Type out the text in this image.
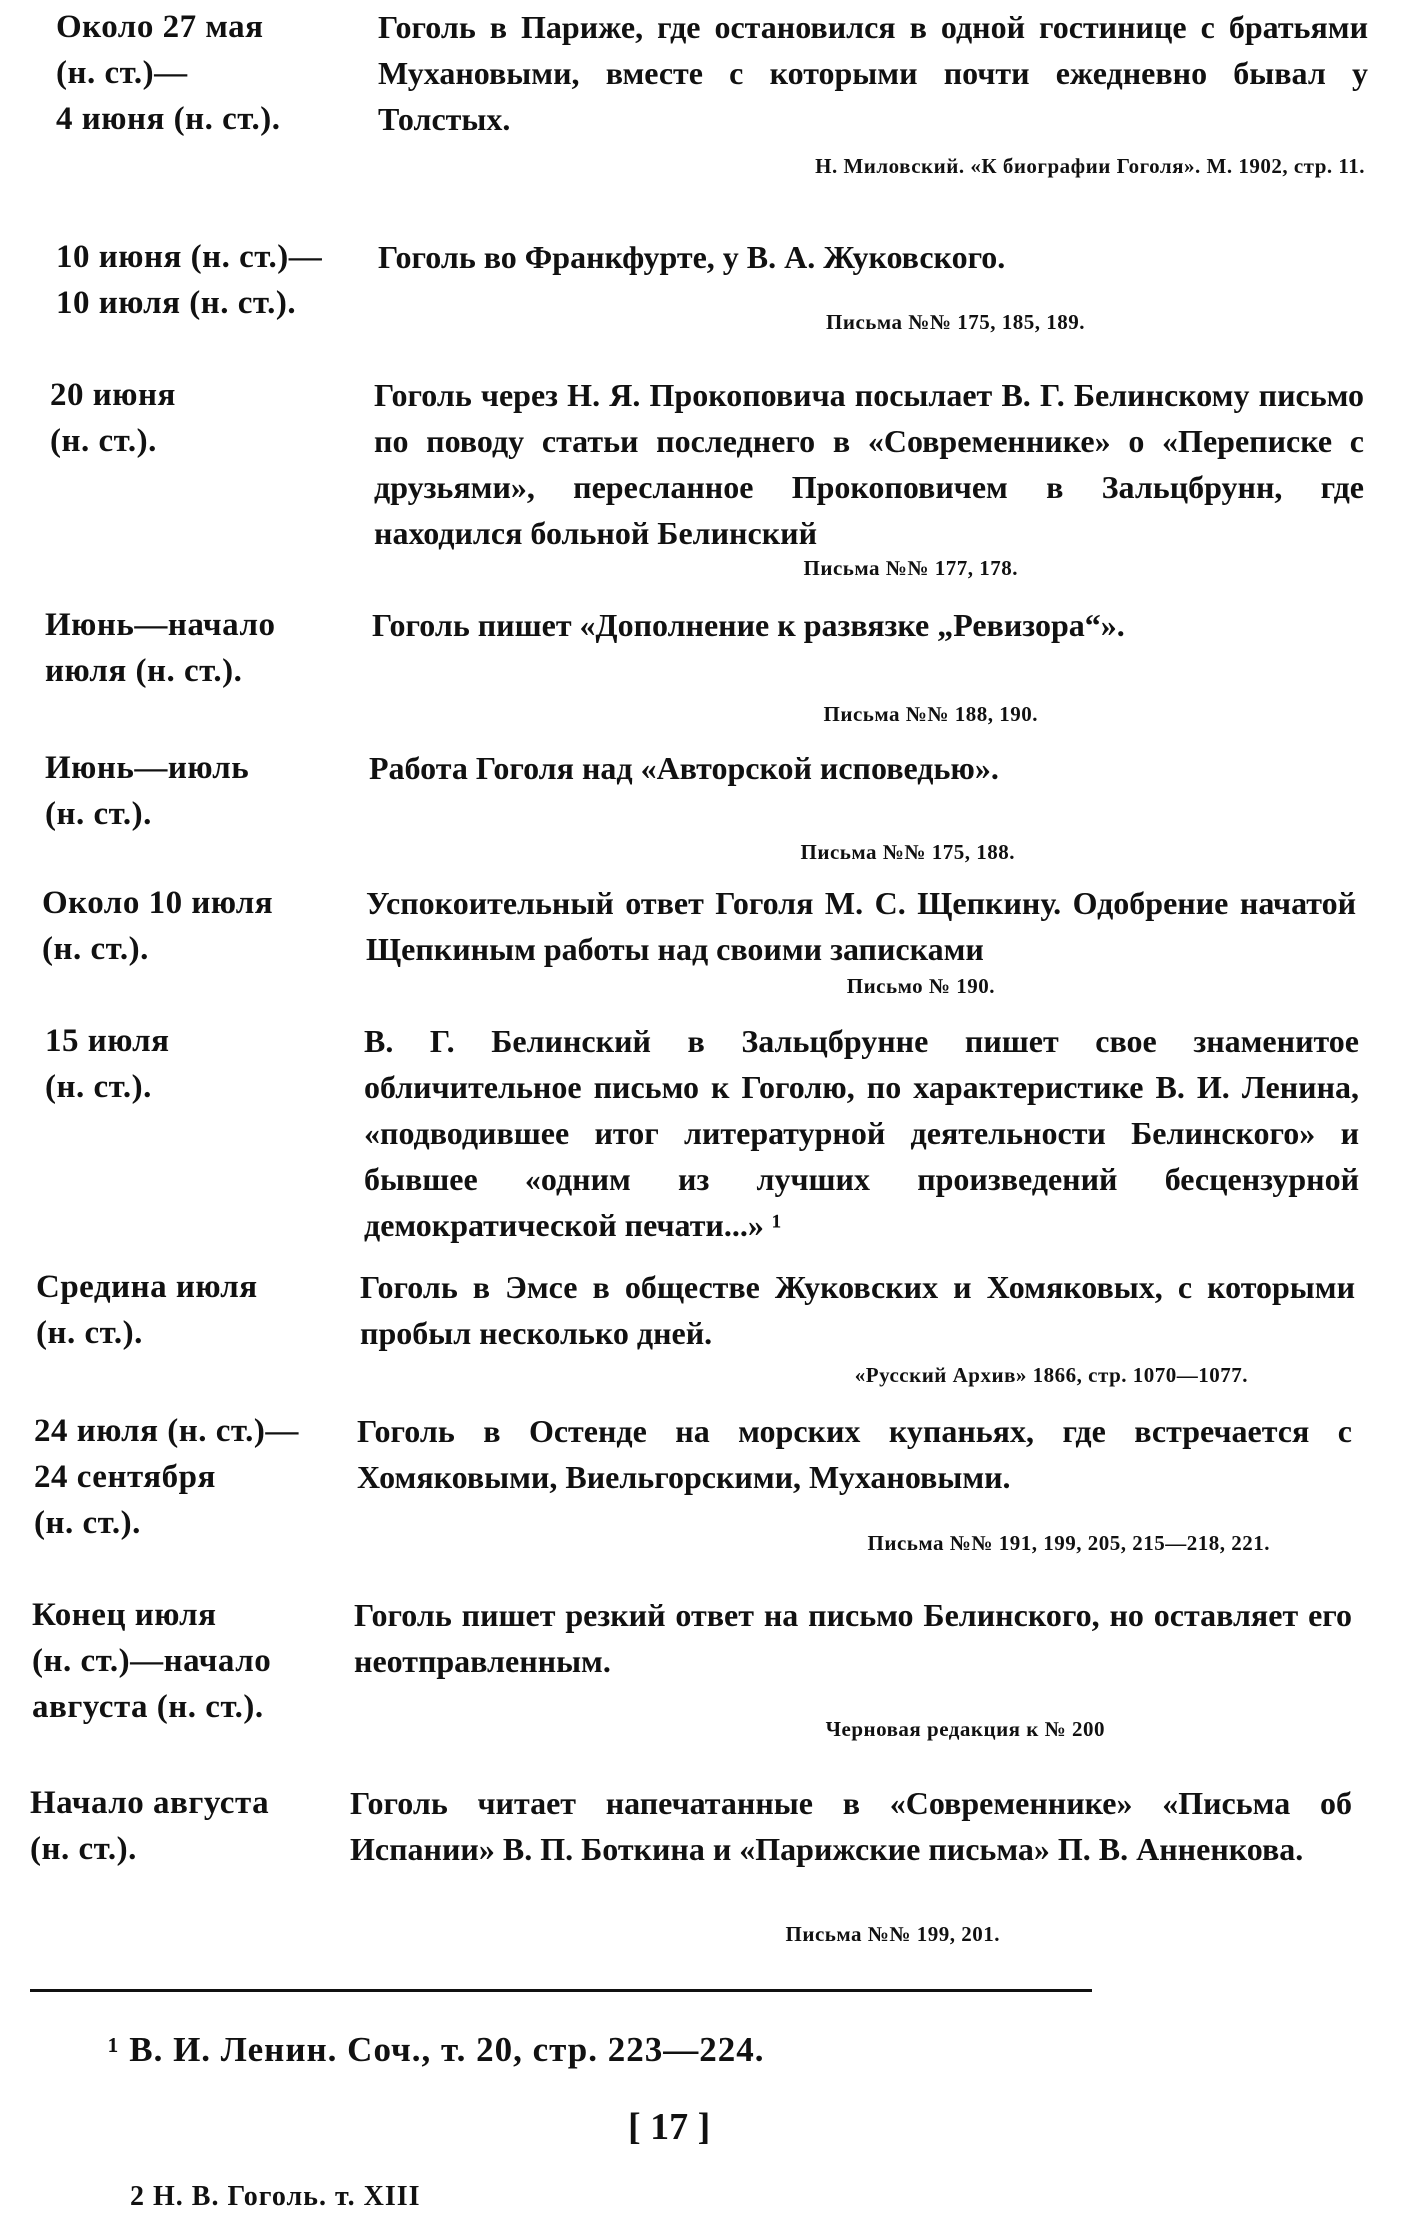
Около 27 мая
(н. ст.)—
4 июня (н. ст.).
Гоголь в Париже, где остановился в одной гостинице с братьями Мухановыми, вместе с которыми почти ежедневно бывал у Толстых.
Н. Миловский. «К биографии Гоголя». М. 1902, стр. 11.
10 июня (н. ст.)—
10 июля (н. ст.).
Гоголь во Франкфурте, у В. А. Жуковского.
Письма №№ 175, 185, 189.
20 июня
(н. ст.).
Гоголь через Н. Я. Прокоповича посылает В. Г. Белинскому письмо по поводу статьи последнего в «Современнике» о «Переписке с друзьями», пересланное Прокоповичем в Зальцбрунн, где находился больной Белинский
Письма №№ 177, 178.
Июнь—начало
июля (н. ст.).
Гоголь пишет «Дополнение к развязке „Ревизора“».
Письма №№ 188, 190.
Июнь—июль
(н. ст.).
Работа Гоголя над «Авторской исповедью».
Письма №№ 175, 188.
Около 10 июля
(н. ст.).
Успокоительный ответ Гоголя М. С. Щепкину. Одобрение начатой Щепкиным работы над своими записками
Письмо № 190.
15 июля
(н. ст.).
В. Г. Белинский в Зальцбрунне пишет свое знаменитое обличительное письмо к Гоголю, по характеристике В. И. Ленина, «подводившее итог литературной деятельности Белинского» и бывшее «одним из лучших произведений бесцензурной демократической печати...» ¹
Средина июля
(н. ст.).
Гоголь в Эмсе в обществе Жуковских и Хомяковых, с которыми пробыл несколько дней.
«Русский Архив» 1866, стр. 1070—1077.
24 июля (н. ст.)—
24 сентября
(н. ст.).
Гоголь в Остенде на морских купаньях, где встречается с Хомяковыми, Виельгорскими, Мухановыми.
Письма №№ 191, 199, 205, 215—218, 221.
Конец июля
(н. ст.)—начало
августа (н. ст.).
Гоголь пишет резкий ответ на письмо Белинского, но оставляет его неотправленным.
Черновая редакция к № 200
Начало августа
(н. ст.).
Гоголь читает напечатанные в «Современнике» «Письма об Испании» В. П. Боткина и «Парижские письма» П. В. Анненкова.
Письма №№ 199, 201.
¹ В. И. Ленин. Соч., т. 20, стр. 223—224.
[ 17 ]
2 Н. В. Гоголь. т. XIII
